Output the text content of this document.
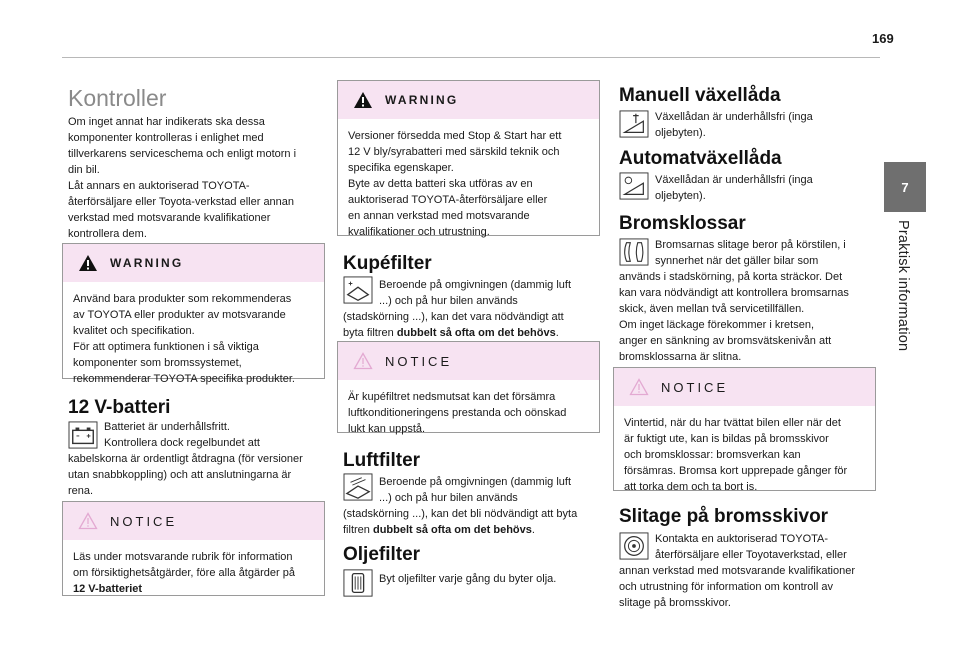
169
7
Praktisk information
Kontroller

Om inget annat har indikerats ska dessa

komponenter kontrolleras i enlighet med

tillverkarens serviceschema och enligt motorn i

din bil.

Låt annars en auktoriserad TOYOTA-

återförsäljare eller Toyota-verkstad eller annan

verkstad med motsvarande kvalifikationer

kontrollera dem.

WARNING

Använd bara produkter som rekommenderas

av TOYOTA eller produkter av motsvarande

kvalitet och specifikation.

För att optimera funktionen i så viktiga

komponenter som bromssystemet,

rekommenderar TOYOTA specifika produkter.

12 V-batteri

Batteriet är underhållsfritt.

Kontrollera dock regelbundet att

kabelskorna är ordentligt åtdragna (för versioner

utan snabbkoppling) och att anslutningarna är

rena.

NOTICE

Läs under motsvarande rubrik för information

om försiktighetsåtgärder, före alla åtgärder på

12 V-batteriet

WARNING

Versioner försedda med Stop & Start har ett

12 V bly/syrabatteri med särskild teknik och

specifika egenskaper.

Byte av detta batteri ska utföras av en

auktoriserad TOYOTA-återförsäljare eller

en annan verkstad med motsvarande

kvalifikationer och utrustning.

Kupéfilter

Beroende på omgivningen (dammig luft

...) och på hur bilen används

(stadskörning ...), kan det vara nödvändigt att

byta filtren dubbelt så ofta om det behövs.

NOTICE

Är kupéfiltret nedsmutsat kan det försämra

luftkonditioneringens prestanda och oönskad

lukt kan uppstå.

Luftfilter

Beroende på omgivningen (dammig luft

...) och på hur bilen används

(stadskörning ...), kan det bli nödvändigt att byta

filtren dubbelt så ofta om det behövs.

Oljefilter

Byt oljefilter varje gång du byter olja.

Manuell växellåda

Växellådan är underhållsfri (inga

oljebyten).

Automatväxellåda

Växellådan är underhållsfri (inga

oljebyten).

Bromsklossar

Bromsarnas slitage beror på körstilen, i

synnerhet när det gäller bilar som

används i stadskörning, på korta sträckor. Det

kan vara nödvändigt att kontrollera bromsarnas

skick, även mellan två servicetillfällen.

Om inget läckage förekommer i kretsen,

anger en sänkning av bromsvätskenivån att

bromsklossarna är slitna.

NOTICE

Vintertid, när du har tvättat bilen eller när det

är fuktigt ute, kan is bildas på bromsskivor

och bromsklossar: bromsverkan kan

försämras. Bromsa kort upprepade gånger för

att torka dem och ta bort is.

Slitage på bromsskivor

Kontakta en auktoriserad TOYOTA-

återförsäljare eller Toyotaverkstad, eller

annan verkstad med motsvarande kvalifikationer

och utrustning för information om kontroll av

slitage på bromsskivor.
